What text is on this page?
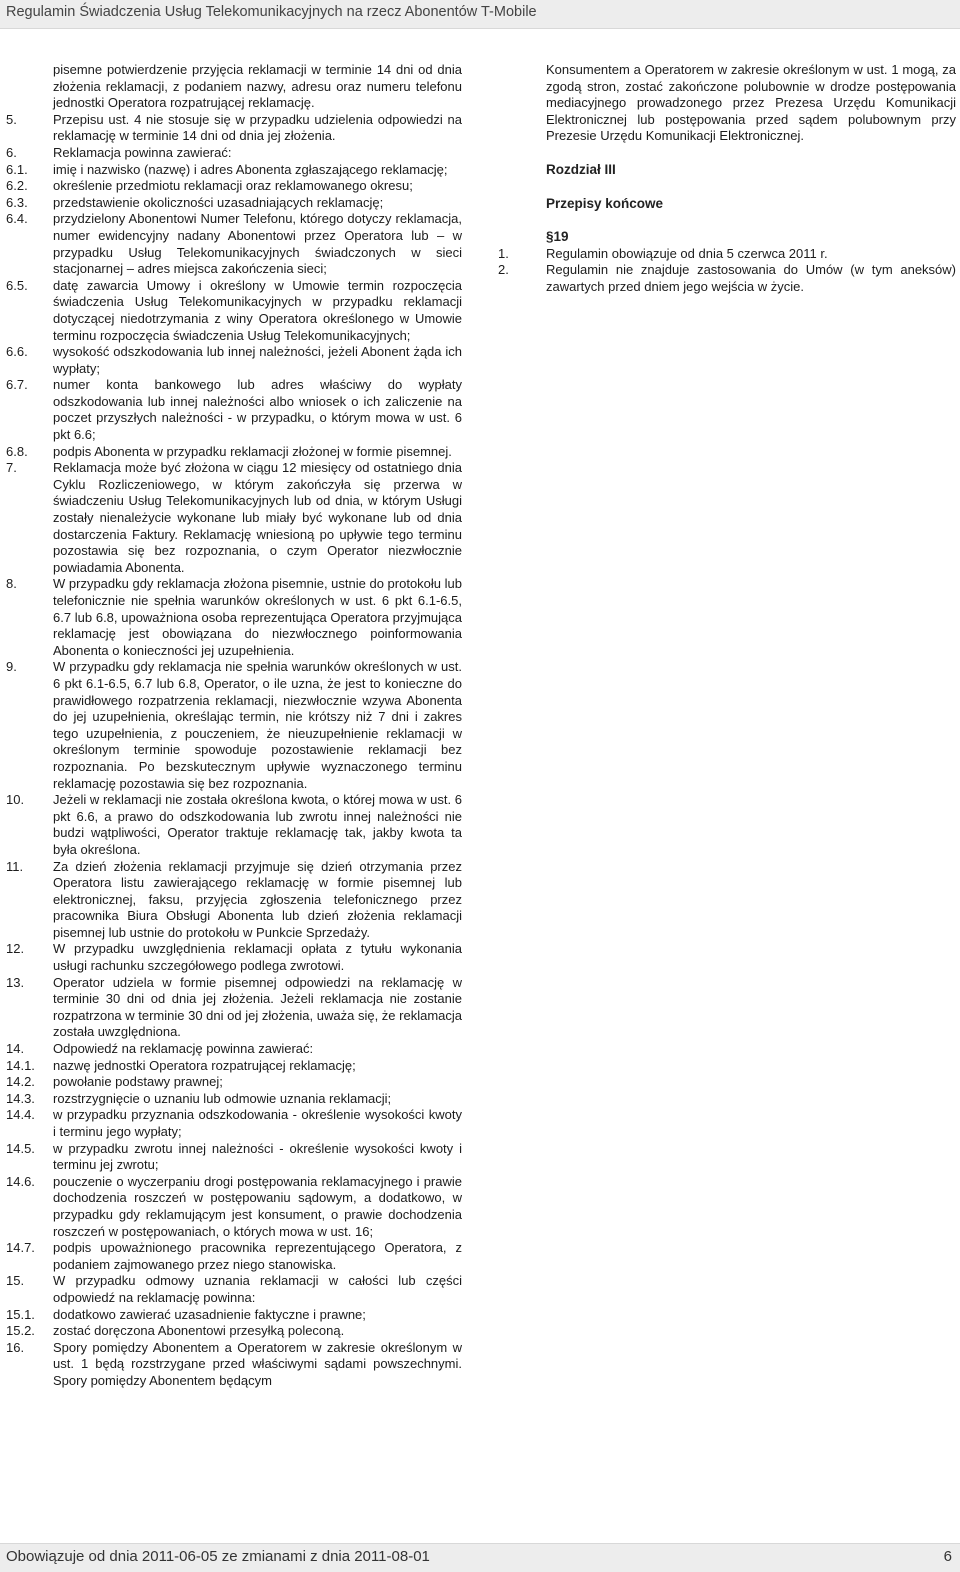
Regulamin Świadczenia Usług Telekomunikacyjnych na rzecz Abonentów T-Mobile
pisemne potwierdzenie przyjęcia reklamacji w terminie 14 dni od dnia złożenia reklamacji, z podaniem nazwy, adresu oraz numeru telefonu jednostki Operatora rozpatrującej reklamację.
5.	Przepisu ust. 4 nie stosuje się w przypadku udzielenia odpowiedzi na reklamację w terminie 14 dni od dnia jej złożenia.
6.	Reklamacja powinna zawierać:
6.1.	imię i nazwisko (nazwę) i adres Abonenta zgłaszającego reklamację;
6.2.	określenie przedmiotu reklamacji oraz reklamowanego okresu;
6.3.	przedstawienie okoliczności uzasadniających reklamację;
6.4.	przydzielony Abonentowi Numer Telefonu, którego dotyczy reklamacja, numer ewidencyjny nadany Abonentowi przez Operatora lub – w przypadku Usług Telekomunikacyjnych świadczonych w sieci stacjonarnej – adres miejsca zakończenia sieci;
6.5.	datę zawarcia Umowy i określony w Umowie termin rozpoczęcia świadczenia Usług Telekomunikacyjnych w przypadku reklamacji dotyczącej niedotrzymania z winy Operatora określonego w Umowie terminu rozpoczęcia świadczenia Usług Telekomunikacyjnych;
6.6.	wysokość odszkodowania lub innej należności, jeżeli Abonent żąda ich wypłaty;
6.7.	numer konta bankowego lub adres właściwy do wypłaty odszkodowania lub innej należności albo wniosek o ich zaliczenie na poczet przyszłych należności - w przypadku, o którym mowa w ust. 6 pkt 6.6;
6.8.	podpis Abonenta w przypadku reklamacji złożonej w formie pisemnej.
7.	Reklamacja może być złożona w ciągu 12 miesięcy od ostatniego dnia Cyklu Rozliczeniowego, w którym zakończyła się przerwa w świadczeniu Usług Telekomunikacyjnych lub od dnia, w którym Usługi zostały nienależycie wykonane lub miały być wykonane lub od dnia dostarczenia Faktury. Reklamację wniesioną po upływie tego terminu pozostawia się bez rozpoznania, o czym Operator niezwłocznie powiadamia Abonenta.
8.	W przypadku gdy reklamacja złożona pisemnie, ustnie do protokołu lub telefonicznie nie spełnia warunków określonych w ust. 6 pkt 6.1-6.5, 6.7 lub 6.8, upoważniona osoba reprezentująca Operatora przyjmująca reklamację jest obowiązana do niezwłocznego poinformowania Abonenta o konieczności jej uzupełnienia.
9.	W przypadku gdy reklamacja nie spełnia warunków określonych w ust. 6 pkt 6.1-6.5, 6.7 lub 6.8, Operator, o ile uzna, że jest to konieczne do prawidłowego rozpatrzenia reklamacji, niezwłocznie wzywa Abonenta do jej uzupełnienia, określając termin, nie krótszy niż 7 dni i zakres tego uzupełnienia, z pouczeniem, że nieuzupełnienie reklamacji w określonym terminie spowoduje pozostawienie reklamacji bez rozpoznania. Po bezskutecznym upływie wyznaczonego terminu reklamację pozostawia się bez rozpoznania.
10.	Jeżeli w reklamacji nie została określona kwota, o której mowa w ust. 6 pkt 6.6, a prawo do odszkodowania lub zwrotu innej należności nie budzi wątpliwości, Operator traktuje reklamację tak, jakby kwota ta była określona.
11.	Za dzień złożenia reklamacji przyjmuje się dzień otrzymania przez Operatora listu zawierającego reklamację w formie pisemnej lub elektronicznej, faksu, przyjęcia zgłoszenia telefonicznego przez pracownika Biura Obsługi Abonenta lub dzień złożenia reklamacji pisemnej lub ustnie do protokołu w Punkcie Sprzedaży.
12.	W przypadku uwzględnienia reklamacji opłata z tytułu wykonania usługi rachunku szczegółowego podlega zwrotowi.
13.	Operator udziela w formie pisemnej odpowiedzi na reklamację w terminie 30 dni od dnia jej złożenia. Jeżeli reklamacja nie zostanie rozpatrzona w terminie 30 dni od jej złożenia, uważa się, że reklamacja została uwzględniona.
14.	Odpowiedź na reklamację powinna zawierać:
14.1.	nazwę jednostki Operatora rozpatrującej reklamację;
14.2.	powołanie podstawy prawnej;
14.3.	rozstrzygnięcie o uznaniu lub odmowie uznania reklamacji;
14.4.	w przypadku przyznania odszkodowania - określenie wysokości kwoty i terminu jego wypłaty;
14.5.	w przypadku zwrotu innej należności - określenie wysokości kwoty i terminu jej zwrotu;
14.6.	pouczenie o wyczerpaniu drogi postępowania reklamacyjnego i prawie dochodzenia roszczeń w postępowaniu sądowym, a dodatkowo, w przypadku gdy reklamującym jest konsument, o prawie dochodzenia roszczeń w postępowaniach, o których mowa w ust. 16;
14.7.	podpis upoważnionego pracownika reprezentującego Operatora, z podaniem zajmowanego przez niego stanowiska.
15.	W przypadku odmowy uznania reklamacji w całości lub części odpowiedź na reklamację powinna:
15.1.	dodatkowo zawierać uzasadnienie faktyczne i prawne;
15.2.	zostać doręczona Abonentowi przesyłką poleconą.
16.	Spory pomiędzy Abonentem a Operatorem w zakresie określonym w ust. 1 będą rozstrzygane przed właściwymi sądami powszechnymi. Spory pomiędzy Abonentem będącym
Konsumentem a Operatorem w zakresie określonym w ust. 1 mogą, za zgodą stron, zostać zakończone polubownie w drodze postępowania mediacyjnego prowadzonego przez Prezesa Urzędu Komunikacji Elektronicznej lub postępowania przed sądem polubownym przy Prezesie Urzędu Komunikacji Elektronicznej.
Rozdział III
Przepisy końcowe
§19
1.	Regulamin obowiązuje od dnia 5 czerwca 2011 r.
2.	Regulamin nie znajduje zastosowania do Umów (w tym aneksów) zawartych przed dniem jego wejścia w życie.
Obowiązuje od dnia 2011-06-05 ze zmianami z dnia 2011-08-01	6
